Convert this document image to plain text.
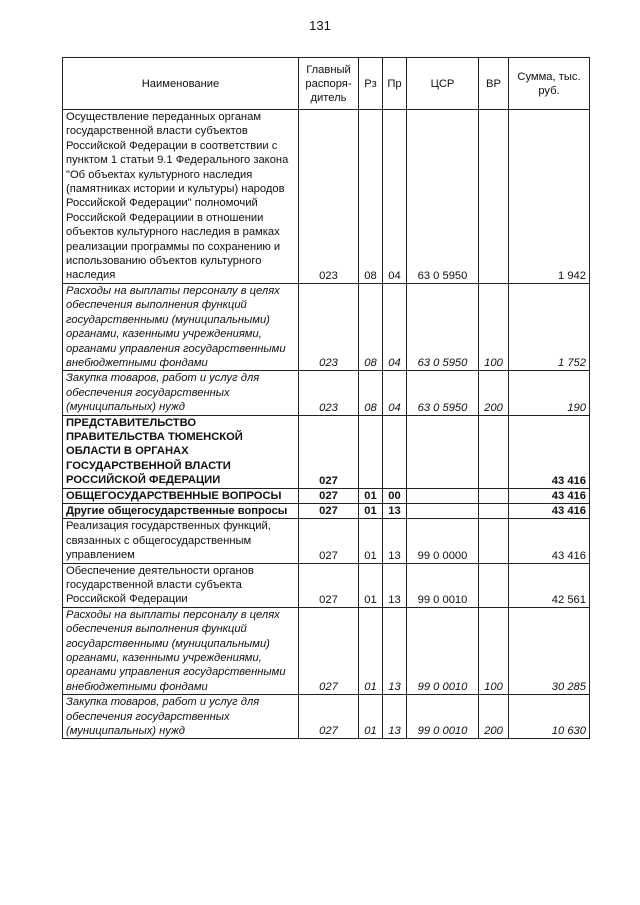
131
Наименование	Главный распоря-дитель	Рз	Пр	ЦСР	ВР	Сумма, тыс. руб.
Осуществление переданных органам государственной власти субъектов Российской Федерации в соответствии с пунктом 1 статьи 9.1 Федерального закона "Об объектах культурного наследия (памятниках истории и культуры) народов Российской Федерации" полномочий Российской Федерациии в отношении объектов культурного наследия в рамках реализации программы по сохранению и использованию объектов культурного наследия	023	08	04	63 0 5950		1 942
Расходы на выплаты персоналу в целях обеспечения выполнения функций государственными (муниципальными) органами, казенными учреждениями, органами управления государственными внебюджетными фондами	023	08	04	63 0 5950	100	1 752
Закупка товаров, работ и услуг для обеспечения государственных (муниципальных) нужд	023	08	04	63 0 5950	200	190
ПРЕДСТАВИТЕЛЬСТВО ПРАВИТЕЛЬСТВА ТЮМЕНСКОЙ ОБЛАСТИ В ОРГАНАХ ГОСУДАРСТВЕННОЙ ВЛАСТИ РОССИЙСКОЙ ФЕДЕРАЦИИ	027					43 416
ОБЩЕГОСУДАРСТВЕННЫЕ ВОПРОСЫ	027	01	00			43 416
Другие общегосударственные вопросы	027	01	13			43 416
Реализация государственных функций, связанных с общегосударственным управлением	027	01	13	99 0 0000		43 416
Обеспечение деятельности органов государственной власти субъекта Российской Федерации	027	01	13	99 0 0010		42 561
Расходы на выплаты персоналу в целях обеспечения выполнения функций государственными (муниципальными) органами, казенными учреждениями, органами управления государственными внебюджетными фондами	027	01	13	99 0 0010	100	30 285
Закупка товаров, работ и услуг для обеспечения государственных (муниципальных) нужд	027	01	13	99 0 0010	200	10 630
